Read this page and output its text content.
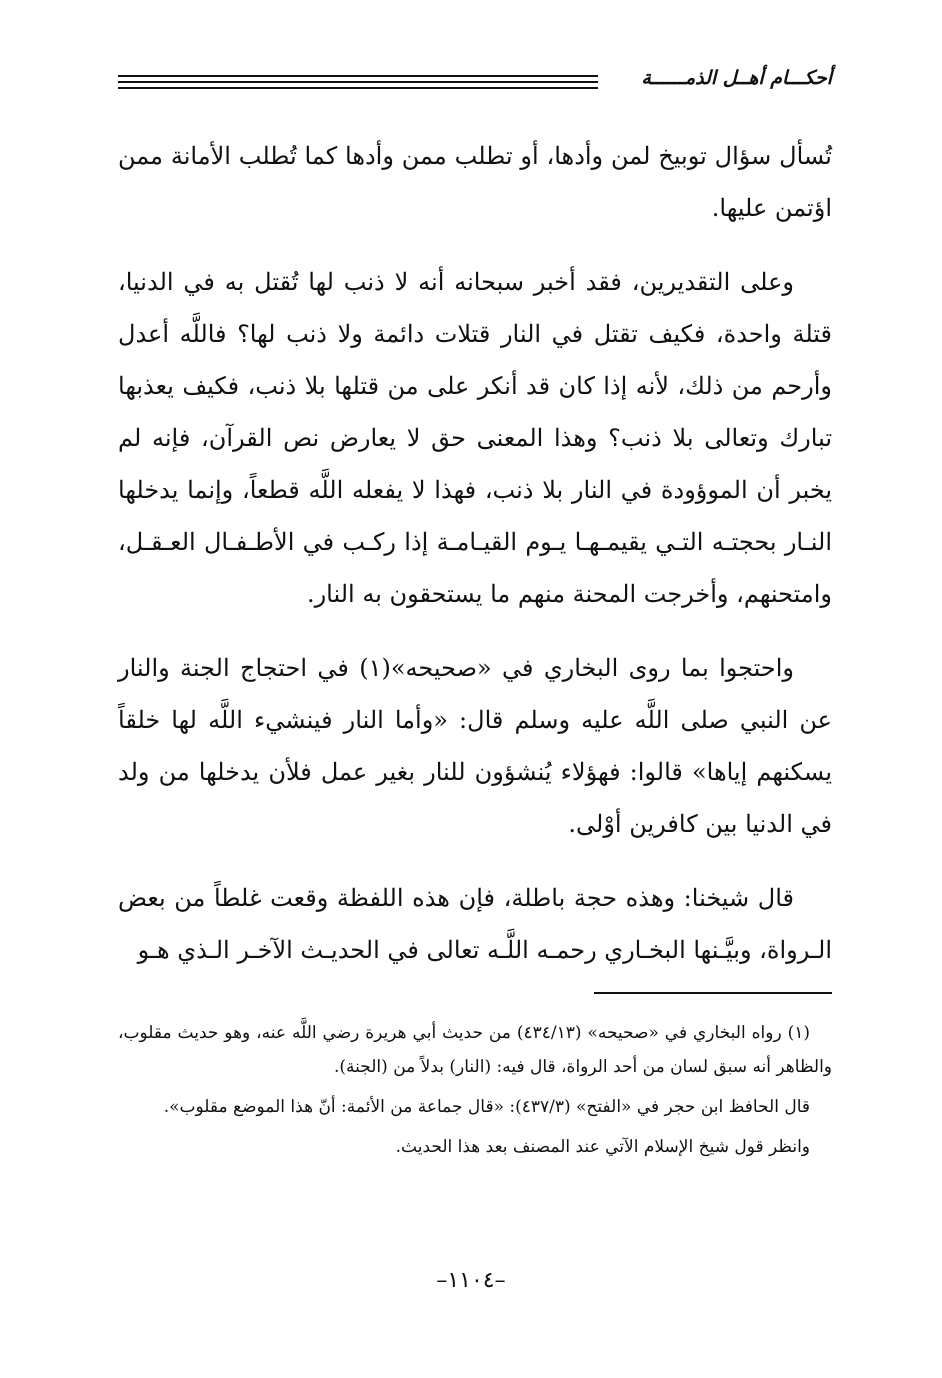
أحكـــام أهــل الذمــــــة

تُسأل سؤال توبيخ لمن وأدها، أو تطلب ممن وأدها كما تُطلب الأمانة ممن اؤتمن عليها.

وعلى التقديرين، فقد أخبر سبحانه أنه لا ذنب لها تُقتل به في الدنيا، قتلة واحدة، فكيف تقتل في النار قتلات دائمة ولا ذنب لها؟ فاللَّه أعدل وأرحم من ذلك، لأنه إذا كان قد أنكر على من قتلها بلا ذنب، فكيف يعذبها تبارك وتعالى بلا ذنب؟ وهذا المعنى حق لا يعارض نص القرآن، فإنه لم يخبر أن الموؤودة في النار بلا ذنب، فهذا لا يفعله اللَّه قطعاً، وإنما يدخلها النـار بحجتـه التـي يقيمـهـا يـوم القيـامـة إذا ركـب في الأطـفـال العـقـل، وامتحنهم، وأخرجت المحنة منهم ما يستحقون به النار.

واحتجوا بما روى البخاري في «صحيحه»(١) في احتجاج الجنة والنار عن النبي صلى اللَّه عليه وسلم قال: «وأما النار فينشيء اللَّه لها خلقاً يسكنهم إياها» قالوا: فهؤلاء يُنشؤون للنار بغير عمل فلأن يدخلها من ولد في الدنيا بين كافرين أوْلى.

قال شيخنا: وهذه حجة باطلة، فإن هذه اللفظة وقعت غلطاً من بعض الـرواة، وبيَّـنها البخـاري رحمـه اللَّـه تعالى في الحديـث الآخـر الـذي هـو

(١) رواه البخاري في «صحيحه» (٤٣٤/١٣) من حديث أبي هريرة رضي اللَّه عنه، وهو حديث مقلوب، والظاهر أنه سبق لسان من أحد الرواة، قال فيه: (النار) بدلاً من (الجنة).

قال الحافظ ابن حجر في «الفتح» (٤٣٧/٣): «قال جماعة من الأئمة: أنّ هذا الموضع مقلوب».

وانظر قول شيخ الإسلام الآتي عند المصنف بعد هذا الحديث.

–١١٠٤–
